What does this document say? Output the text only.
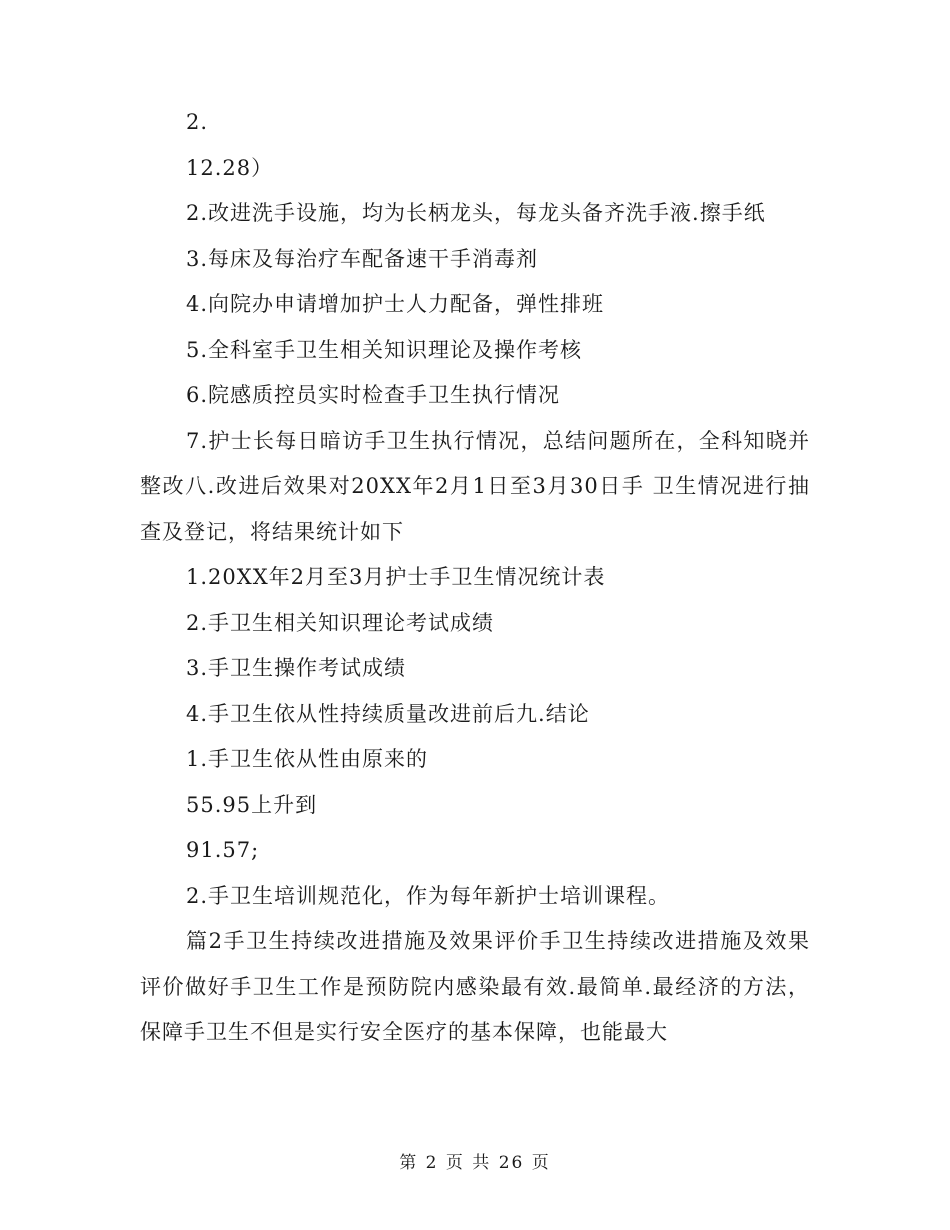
2.

12.28）

2.改进洗手设施，均为长柄龙头，每龙头备齐洗手液.擦手纸

3.每床及每治疗车配备速干手消毒剂

4.向院办申请增加护士人力配备，弹性排班

5.全科室手卫生相关知识理论及操作考核

6.院感质控员实时检查手卫生执行情况

7.护士长每日暗访手卫生执行情况，总结问题所在，全科知晓并整改八.改进后效果对20XX年2月1日至3月30日手 卫生情况进行抽查及登记，将结果统计如下

1.20XX年2月至3月护士手卫生情况统计表

2.手卫生相关知识理论考试成绩

3.手卫生操作考试成绩

4.手卫生依从性持续质量改进前后九.结论

1.手卫生依从性由原来的

55.95上升到

91.57;

2.手卫生培训规范化，作为每年新护士培训课程。

篇2手卫生持续改进措施及效果评价手卫生持续改进措施及效果评价做好手卫生工作是预防院内感染最有效.最简单.最经济的方法，保障手卫生不但是实行安全医疗的基本保障，也能最大

第 2 页 共 26 页
